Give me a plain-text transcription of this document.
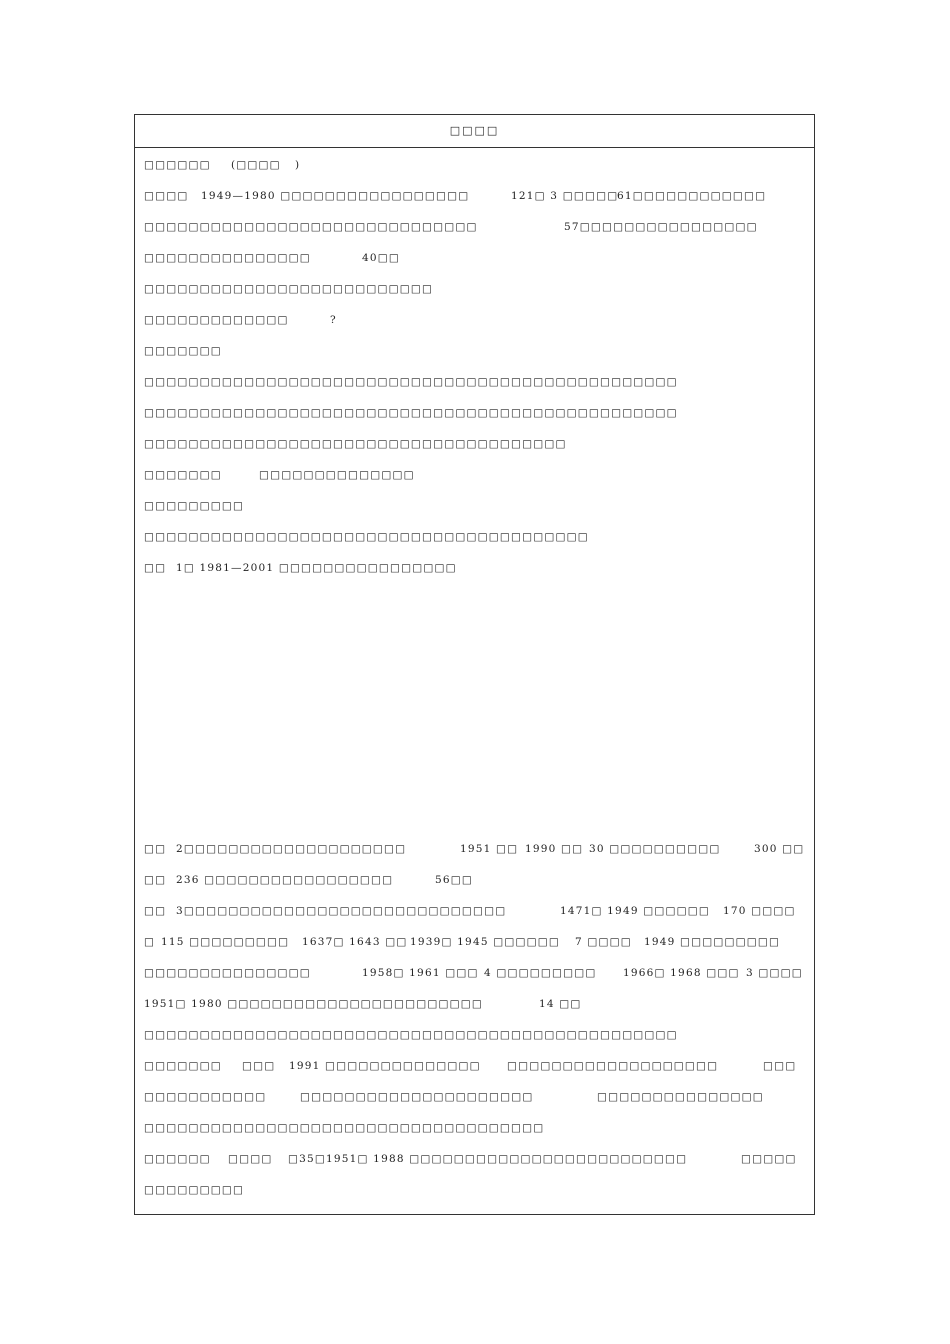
□□□□

□□□□□□

(□□□□

)

□□□□

1949—1980 □□□□□□□□□□□□□□□□□

	121□ 3 □□□□□

61□□□□□□□□□□□□

□□□□□□□□□□□□□□□□□□□□□□□□□□□□□□

	57□□□□□□□□□□□□□□□□

□□□□□□□□□□□□□□□

	40□□

□□□□□□□□□□□□□□□□□□□□□□□□□□

□□□□□□□□□□□□□

	?

□□□□□□□

□□□□□□□□□□□□□□□□□□□□□□□□□□□□□□□□□□□□□□□□□□□□□□□□

□□□□□□□□□□□□□□□□□□□□□□□□□□□□□□□□□□□□□□□□□□□□□□□□

□□□□□□□□□□□□□□□□□□□□□□□□□□□□□□□□□□□□□□

□□□□□□□

	□□□□□□□□□□□□□□

□□□□□□□□□

□□□□□□□□□□□□□□□□□□□□□□□□□□□□□□□□□□□□□□□□

□□

1□ 1981—2001 □□□□□□□□□□□□□□□□

□□

2□□□□□□□□□□□□□□□□□□□□

	1951 □□

1990 □□

30 □□□□□□□□□□

	300 □□

□□

236 □□□□□□□□□□□□□□□□□

	56□□

□□

3□□□□□□□□□□□□□□□□□□□□□□□□□□□□□

	1471□ 1949 □□□□□□

170 □□□□

□

115 □□□□□□□□□

1637□ 1643 □□

1939□ 1945 □□□□□□

7 □□□□

1949 □□□□□□□□□

□□□□□□□□□□□□□□□

	1958□ 1961 □□□

4 □□□□□□□□□

	1966□ 1968 □□□

3 □□□□

1951□ 1980 □□□□□□□□□□□□□□□□□□□□□□□

	14 □□

□□□□□□□□□□□□□□□□□□□□□□□□□□□□□□□□□□□□□□□□□□□□□□□□

□□□□□□□

□□□

1991 □□□□□□□□□□□□□□

	□□□□□□□□□□□□□□□□□□□

	□□□

□□□□□□□□□□□

	□□□□□□□□□□□□□□□□□□□□□

	□□□□□□□□□□□□□□□

□□□□□□□□□□□□□□□□□□□□□□□□□□□□□□□□□□□□

□□□□□□

□□□□

□35□1951□ 1988 □□□□□□□□□□□□□□□□□□□□□□□□□

	□□□□□

□□□□□□□□□
